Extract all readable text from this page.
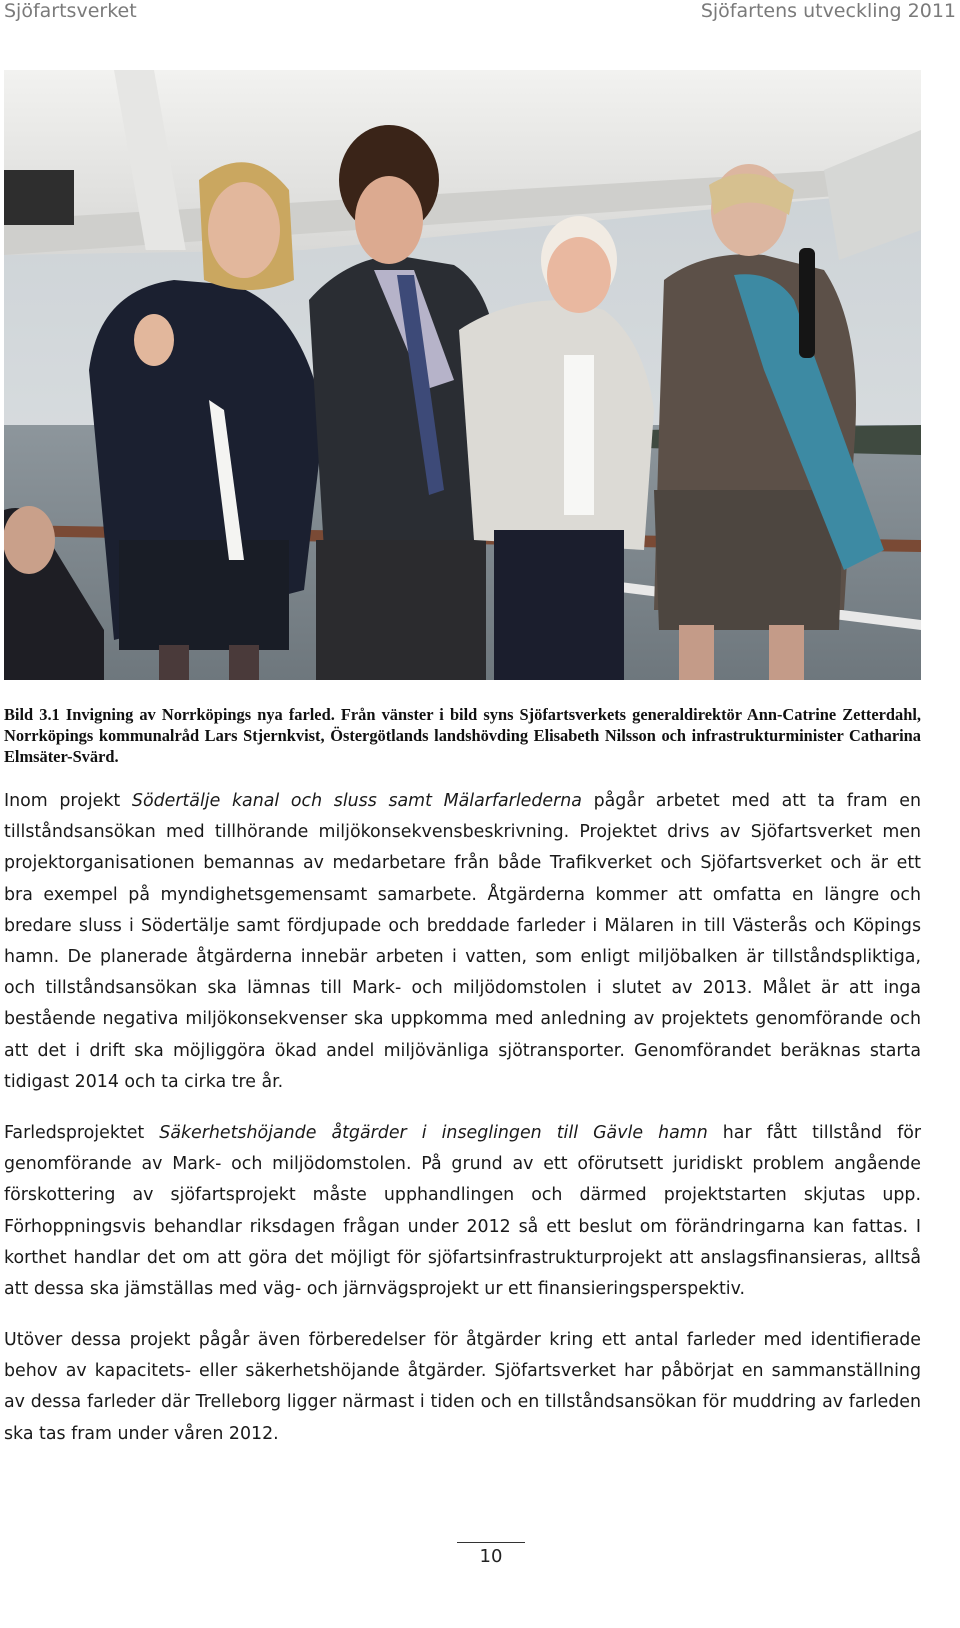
Sjöfartsverket	Sjöfartens utveckling 2011
Bild 3.1 Invigning av Norrköpings nya farled. Från vänster i bild syns Sjöfartsverkets generaldirektör Ann-Catrine Zetterdahl, Norrköpings kommunalråd Lars Stjernkvist, Östergötlands landshövding Elisabeth Nilsson och infrastrukturminister Catharina Elmsäter-Svärd.

Inom projekt Södertälje kanal och sluss samt Mälarfarlederna pågår arbetet med att ta fram en tillståndsansökan med tillhörande miljökonsekvensbeskrivning. Projektet drivs av Sjöfartsverket men projektorganisationen bemannas av medarbetare från både Trafikverket och Sjöfartsverket och är ett bra exempel på myndighetsgemensamt samarbete. Åtgärderna kommer att omfatta en längre och bredare sluss i Södertälje samt fördjupade och breddade farleder i Mälaren in till Västerås och Köpings hamn. De planerade åtgärderna innebär arbeten i vatten, som enligt miljöbalken är tillståndspliktiga, och tillståndsansökan ska lämnas till Mark- och miljödomstolen i slutet av 2013. Målet är att inga bestående negativa miljökonsekvenser ska uppkomma med anledning av projektets genomförande och att det i drift ska möjliggöra ökad andel miljövänliga sjötransporter. Genomförandet beräknas starta tidigast 2014 och ta cirka tre år.

Farledsprojektet Säkerhetshöjande åtgärder i inseglingen till Gävle hamn har fått tillstånd för genomförande av Mark- och miljödomstolen. På grund av ett oförutsett juridiskt problem angående förskottering av sjöfartsprojekt måste upphandlingen och därmed projektstarten skjutas upp. Förhoppningsvis behandlar riksdagen frågan under 2012 så ett beslut om förändringarna kan fattas. I korthet handlar det om att göra det möjligt för sjöfartsinfrastrukturprojekt att anslagsfinansieras, alltså att dessa ska jämställas med väg- och järnvägsprojekt ur ett finansieringsperspektiv.

Utöver dessa projekt pågår även förberedelser för åtgärder kring ett antal farleder med identifierade behov av kapacitets- eller säkerhetshöjande åtgärder. Sjöfartsverket har påbörjat en sammanställning av dessa farleder där Trelleborg ligger närmast i tiden och en tillståndsansökan för muddring av farleden ska tas fram under våren 2012.

10
